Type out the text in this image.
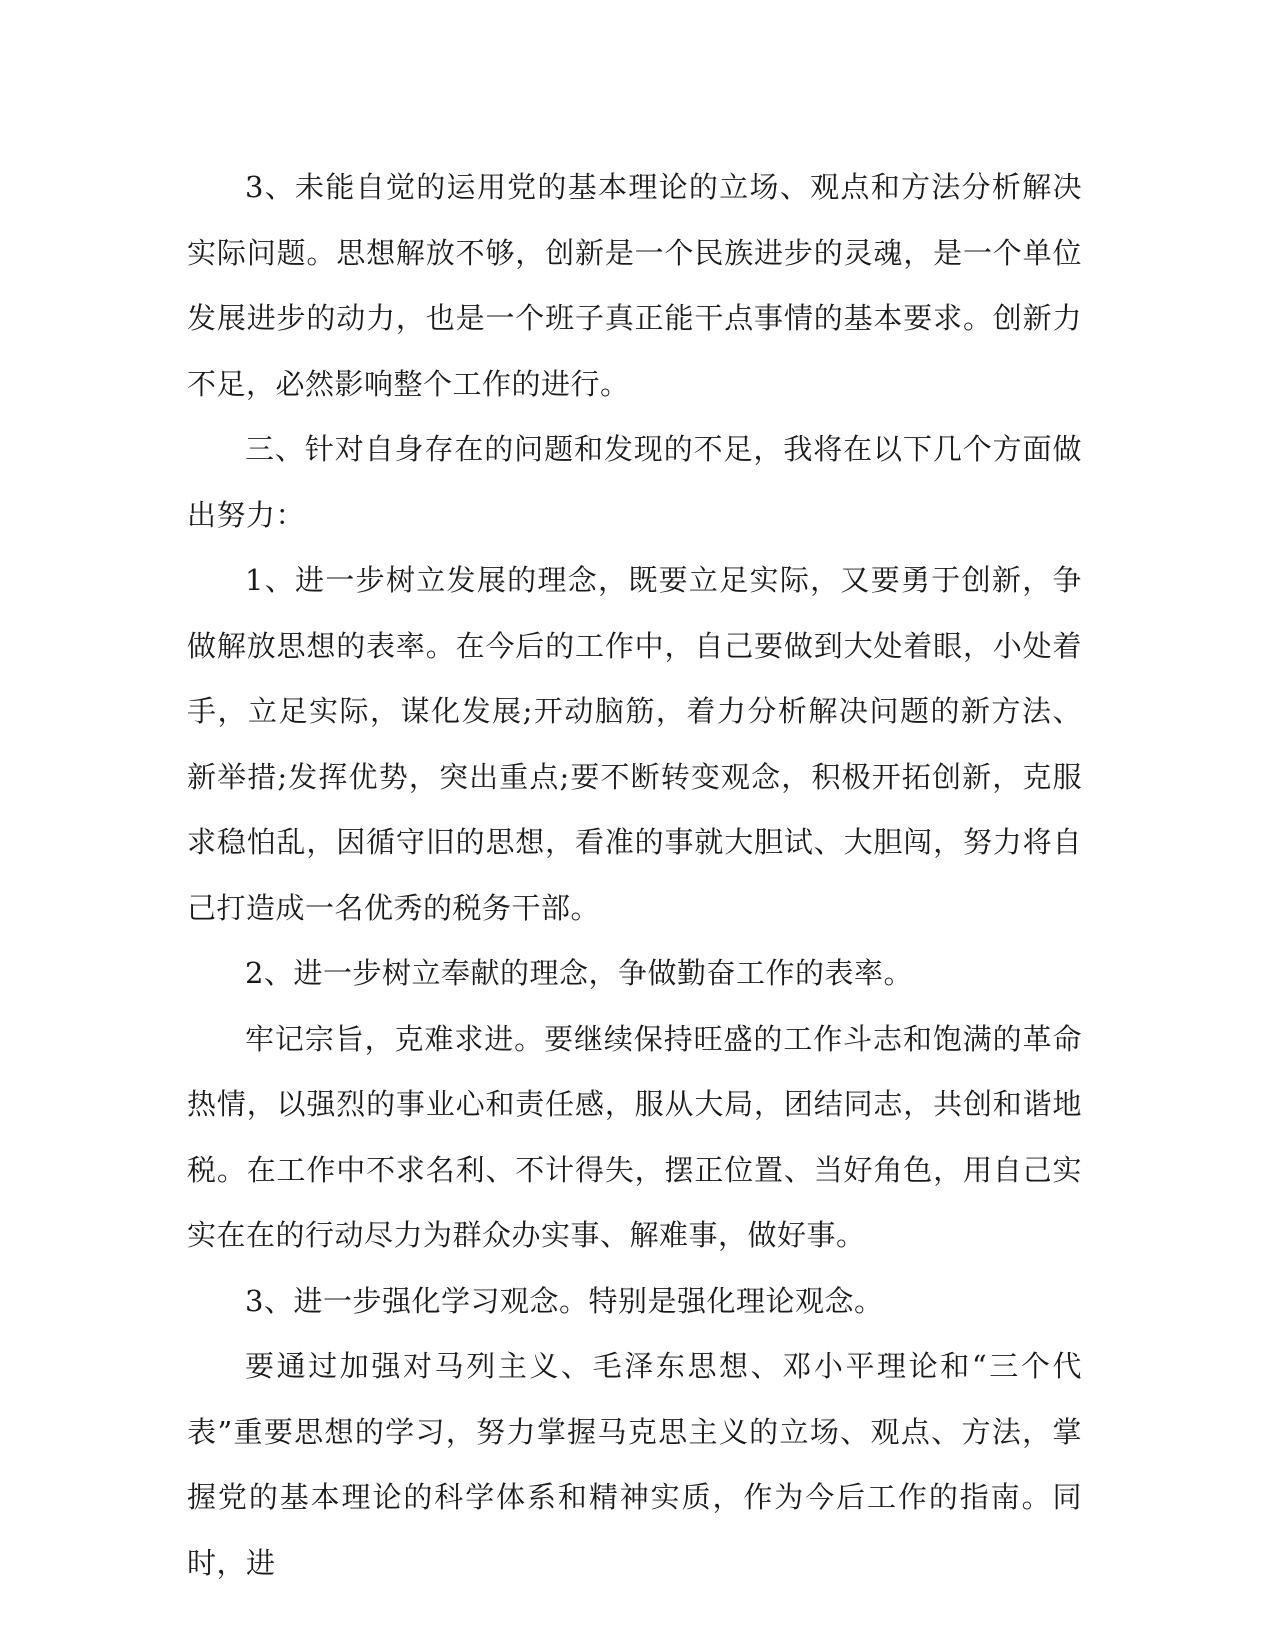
3、未能自觉的运用党的基本理论的立场、观点和方法分析解决实际问题。思想解放不够，创新是一个民族进步的灵魂，是一个单位发展进步的动力，也是一个班子真正能干点事情的基本要求。创新力不足，必然影响整个工作的进行。

三、针对自身存在的问题和发现的不足，我将在以下几个方面做出努力：

1、进一步树立发展的理念，既要立足实际，又要勇于创新，争做解放思想的表率。在今后的工作中，自己要做到大处着眼，小处着手，立足实际，谋化发展;开动脑筋，着力分析解决问题的新方法、新举措;发挥优势，突出重点;要不断转变观念，积极开拓创新，克服求稳怕乱，因循守旧的思想，看准的事就大胆试、大胆闯，努力将自己打造成一名优秀的税务干部。

2、进一步树立奉献的理念，争做勤奋工作的表率。

牢记宗旨，克难求进。要继续保持旺盛的工作斗志和饱满的革命热情，以强烈的事业心和责任感，服从大局，团结同志，共创和谐地税。在工作中不求名利、不计得失，摆正位置、当好角色，用自己实实在在的行动尽力为群众办实事、解难事，做好事。

3、进一步强化学习观念。特别是强化理论观念。

要通过加强对马列主义、毛泽东思想、邓小平理论和“三个代表”重要思想的学习，努力掌握马克思主义的立场、观点、方法，掌握党的基本理论的科学体系和精神实质，作为今后工作的指南。同时，进
